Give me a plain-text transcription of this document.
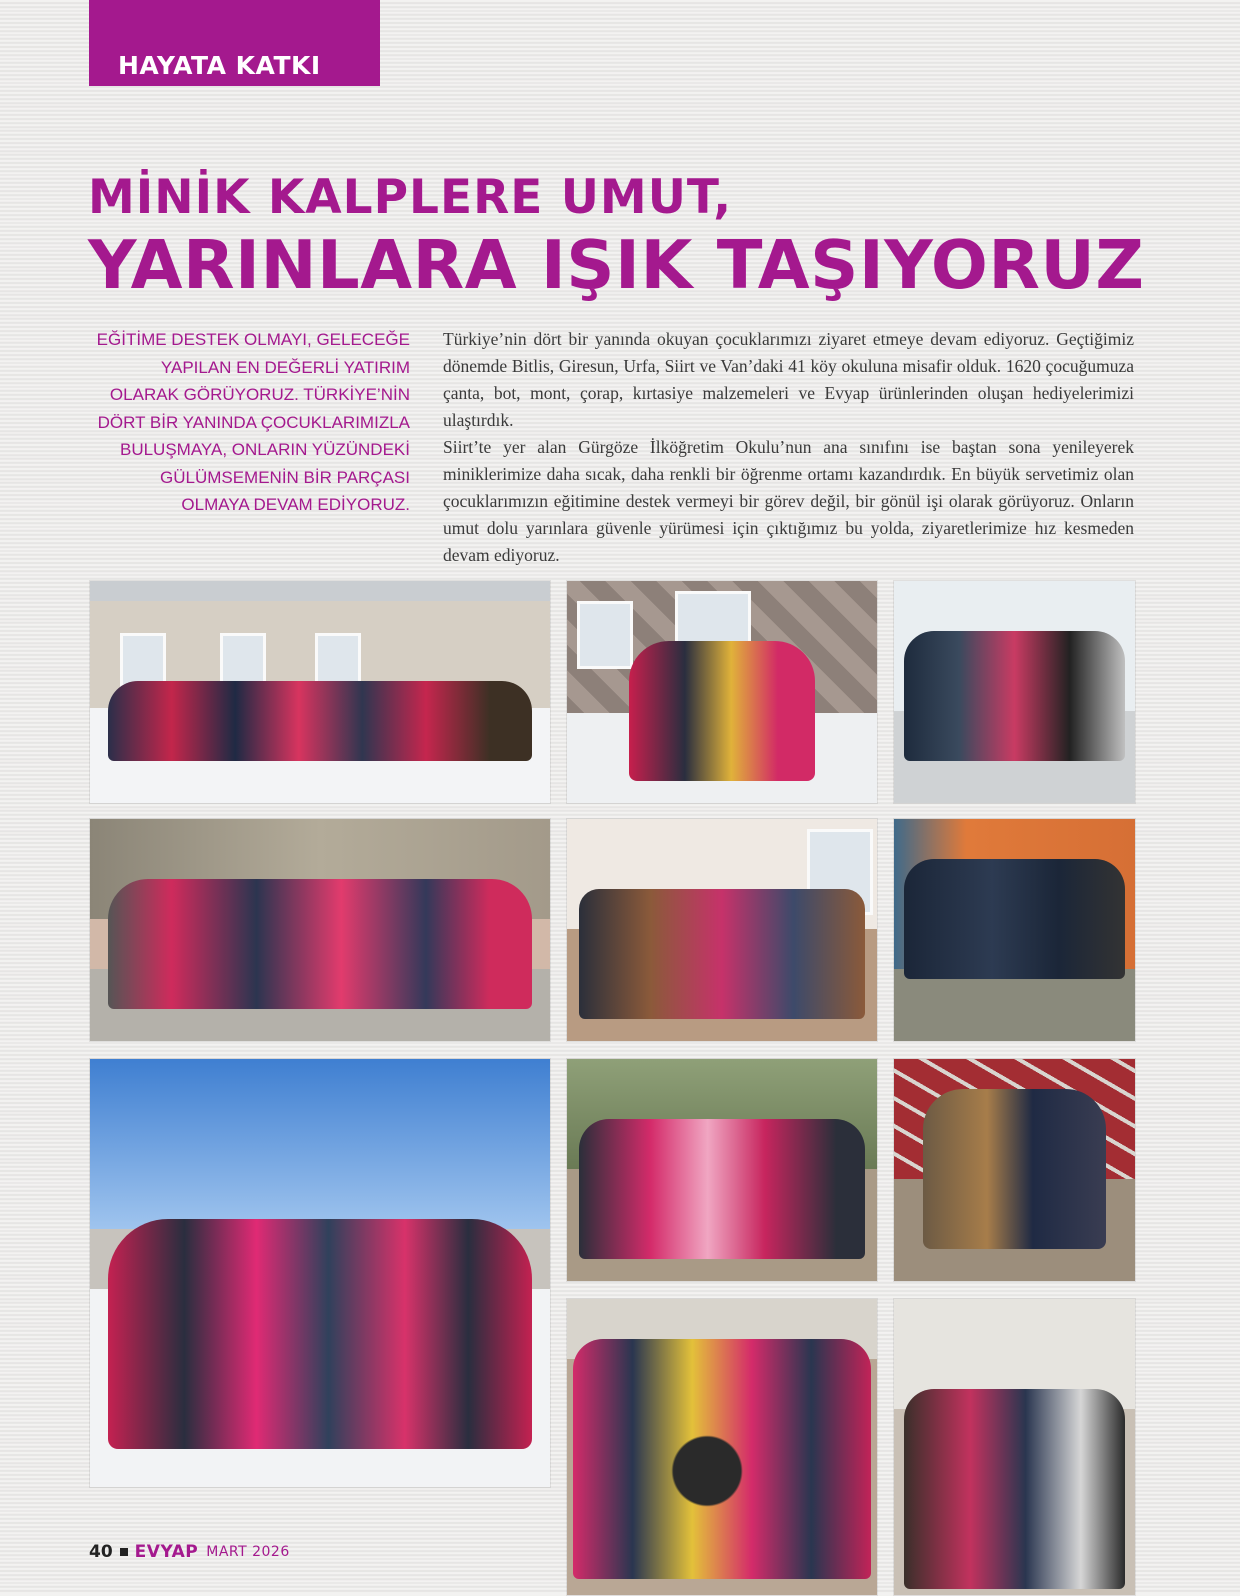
HAYATA KATKI
MİNİK KALPLERE UMUT,
YARINLARA IŞIK TAŞIYORUZ
EĞİTİME DESTEK OLMAYI, GELECEĞE YAPILAN EN DEĞERLİ YATIRIM OLARAK GÖRÜYORUZ. TÜRKİYE’NİN DÖRT BİR YANINDA ÇOCUKLARIMIZLA BULUŞMAYA, ONLARIN YÜZÜNDEKİ GÜLÜMSEMENİN BİR PARÇASI OLMAYA DEVAM EDİYORUZ.

Türkiye’nin dört bir yanında okuyan çocuklarımızı ziyaret etmeye devam ediyoruz. Geçtiğimiz dönemde Bitlis, Giresun, Urfa, Siirt ve Van’daki 41 köy okuluna misafir olduk. 1620 çocuğumuza çanta, bot, mont, çorap, kırtasiye malzemeleri ve Evyap ürünlerinden oluşan hediyelerimizi ulaştırdık.

Siirt’te yer alan Gürgöze İlköğretim Okulu’nun ana sınıfını ise baştan sona yenileyerek miniklerimize daha sıcak, daha renkli bir öğrenme ortamı kazandırdık. En büyük servetimiz olan çocuklarımızın eğitimine destek vermeyi bir görev değil, bir gönül işi olarak görüyoruz. Onların umut dolu yarınlara güvenle yürümesi için çıktığımız bu yolda, ziyaretlerimize hız kesmeden devam ediyoruz.

40 EVYAP MART 2026
